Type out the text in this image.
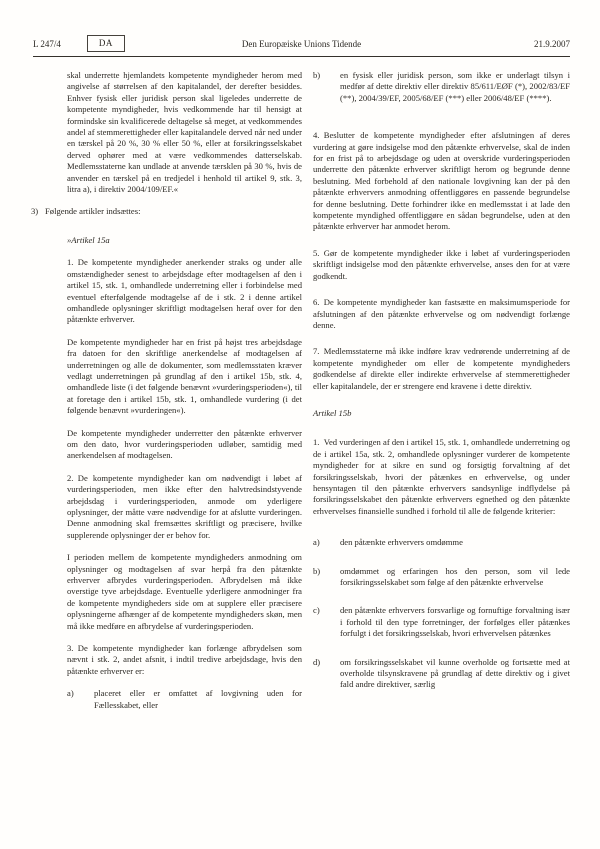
L 247/4	DA	Den Europæiske Unions Tidende	21.9.2007
skal underrette hjemlandets kompetente myndigheder herom med angivelse af størrelsen af den kapitalandel, der derefter besiddes. Enhver fysisk eller juridisk person skal ligeledes underrette de kompetente myndigheder, hvis vedkommende har til hensigt at formindske sin kvalificerede deltagelse så meget, at vedkommendes andel af stemmerettigheder eller kapitalandele derved når ned under en tærskel på 20 %, 30 % eller 50 %, eller at forsikringsselskabet derved ophører med at være vedkommendes datterselskab. Medlemsstaterne kan undlade at anvende tærsklen på 30 %, hvis de anvender en tærskel på en tredjedel i henhold til artikel 9, stk. 3, litra a), i direktiv 2004/109/EF.«
3) Følgende artikler indsættes:
»Artikel 15a
1. De kompetente myndigheder anerkender straks og under alle omstændigheder senest to arbejdsdage efter modtagelsen af den i artikel 15, stk. 1, omhandlede underretning eller i forbindelse med eventuel efterfølgende modtagelse af de i stk. 2 i denne artikel omhandlede oplysninger skriftligt modtagelsen heraf over for den påtænkte erhverver.
De kompetente myndigheder har en frist på højst tres arbejdsdage fra datoen for den skriftlige anerkendelse af modtagelsen af underretningen og alle de dokumenter, som medlemsstaten kræver vedlagt underretningen på grundlag af den i artikel 15b, stk. 4, omhandlede liste (i det følgende benævnt »vurderingsperioden«), til at foretage den i artikel 15b, stk. 1, omhandlede vurdering (i det følgende benævnt »vurderingen«).
De kompetente myndigheder underretter den påtænkte erhverver om den dato, hvor vurderingsperioden udløber, samtidig med anerkendelsen af modtagelsen.
2. De kompetente myndigheder kan om nødvendigt i løbet af vurderingsperioden, men ikke efter den halvtredsindstyvende arbejdsdag i vurderingsperioden, anmode om yderligere oplysninger, der måtte være nødvendige for at afslutte vurderingen. Denne anmodning skal fremsættes skriftligt og præcisere, hvilke supplerende oplysninger der er behov for.
I perioden mellem de kompetente myndigheders anmodning om oplysninger og modtagelsen af svar herpå fra den påtænkte erhverver afbrydes vurderingsperioden. Afbrydelsen må ikke overstige tyve arbejdsdage. Eventuelle yderligere anmodninger fra de kompetente myndigheders side om at supplere eller præcisere oplysningerne afhænger af de kompetente myndigheders skøn, men må ikke medføre en afbrydelse af vurderingsperioden.
3. De kompetente myndigheder kan forlænge afbrydelsen som nævnt i stk. 2, andet afsnit, i indtil tredive arbejdsdage, hvis den påtænkte erhverver er:
a)	placeret eller er omfattet af lovgivning uden for Fællesskabet, eller
b)	en fysisk eller juridisk person, som ikke er underlagt tilsyn i medfør af dette direktiv eller direktiv 85/611/EØF (*), 2002/83/EF (**), 2004/39/EF, 2005/68/EF (***) eller 2006/48/EF (****).
4. Beslutter de kompetente myndigheder efter afslutningen af deres vurdering at gøre indsigelse mod den påtænkte erhvervelse, skal de inden for en frist på to arbejdsdage og uden at overskride vurderingsperioden underrette den påtænkte erhverver skriftligt herom og begrunde denne beslutning. Med forbehold af den nationale lovgivning kan der på den påtænkte erhververs anmodning offentliggøres en passende begrundelse for denne beslutning. Dette forhindrer ikke en medlemsstat i at lade den kompetente myndighed offentliggøre en sådan begrundelse, uden at den påtænkte erhverver har anmodet herom.
5. Gør de kompetente myndigheder ikke i løbet af vurderingsperioden skriftligt indsigelse mod den påtænkte erhvervelse, anses den for at være godkendt.
6. De kompetente myndigheder kan fastsætte en maksimumsperiode for afslutningen af den påtænkte erhvervelse og om nødvendigt forlænge denne.
7. Medlemsstaterne må ikke indføre krav vedrørende underretning af de kompetente myndigheder om eller de kompetente myndigheders godkendelse af direkte eller indirekte erhvervelse af stemmerettigheder eller kapitalandele, der er strengere end kravene i dette direktiv.
Artikel 15b
1. Ved vurderingen af den i artikel 15, stk. 1, omhandlede underretning og de i artikel 15a, stk. 2, omhandlede oplysninger vurderer de kompetente myndigheder for at sikre en sund og forsigtig forvaltning af det forsikringsselskab, hvori der påtænkes en erhvervelse, og under hensyntagen til den påtænkte erhververs sandsynlige indflydelse på forsikringsselskabet den påtænkte erhververs egnethed og den påtænkte erhvervelses finansielle sundhed i forhold til alle de følgende kriterier:
a)	den påtænkte erhververs omdømme
b)	omdømmet og erfaringen hos den person, som vil lede forsikringsselskabet som følge af den påtænkte erhvervelse
c)	den påtænkte erhververs forsvarlige og fornuftige forvaltning især i forhold til den type forretninger, der forfølges eller påtænkes forfulgt i det forsikringsselskab, hvori erhvervelsen påtænkes
d)	om forsikringsselskabet vil kunne overholde og fortsætte med at overholde tilsynskravene på grundlag af dette direktiv og i givet fald andre direktiver, særlig
